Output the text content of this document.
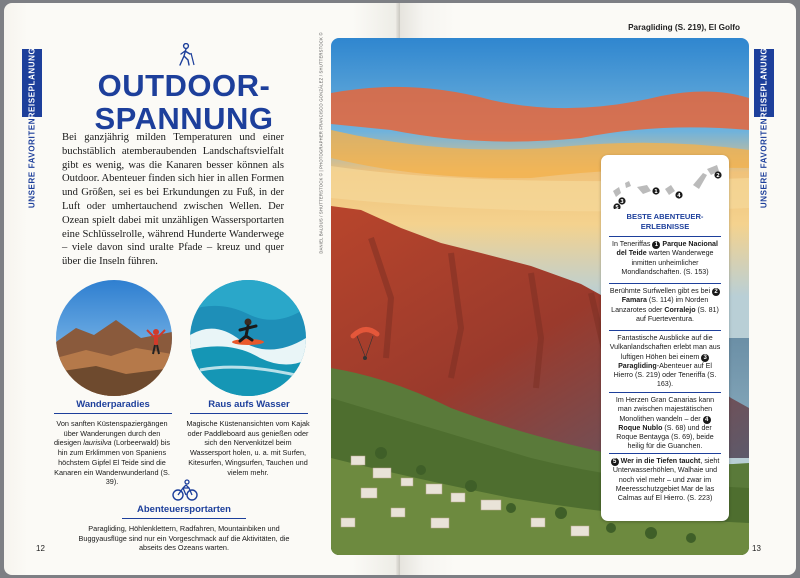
REISEPLANUNG
UNSERE FAVORITEN
OUTDOOR-
SPANNUNG

Bei ganzjährig milden Temperaturen und einer buchstäblich atemberaubenden Landschaftsvielfalt gibt es wenig, was die Kanaren besser können als Outdoor. Abenteuer finden sich hier in allen Formen und Größen, sei es bei Erkundungen zu Fuß, in der Luft oder umhertauchend zwischen Wellen. Der Ozean spielt dabei mit unzähligen Wassersportarten eine Schlüsselrolle, während Hunderte Wanderwege – viele davon sind uralte Pfade – kreuz und quer über die Inseln führen.

Wanderparadies
Von sanften Küstenspaziergängen über Wanderungen durch den diesigen laurisilva (Lorbeerwald) bis hin zum Erklimmen von Spaniens höchstem Gipfel El Teide sind die Kanaren ein Wanderwunderland (S. 39).
Raus aufs Wasser
Magische Küstenansichten vom Kajak oder Paddleboard aus genießen oder sich den Nervenkitzel beim Wassersport holen, u. a. mit Surfen, Kitesurfen, Wingsurfen, Tauchen und vielem mehr.
Abenteuersportarten
Paragliding, Höhlenklettern, Radfahren, Mountainbiken und Buggyausflüge sind nur ein Vorgeschmack auf die Aktivitäten, die abseits des Ozeans warten.
12
REISEPLANUNG
UNSERE FAVORITEN
13
Paragliding (S. 219), El Golfo
DANIEL BALDUS / SHUTTERSTOCK © | PHOTOGRAPHER FRANCISCO GONZÁLEZ / SHUTTERSTOCK ©	1
2
3
4
5
BESTE ABENTEUER-ERLEBNISSE
In Teneriffas 1 Parque Nacional del Teide warten Wanderwege inmitten unheimlicher Mondlandschaften. (S. 153)
Berühmte Surfwellen gibt es bei 2 Famara (S. 114) im Norden Lanzarotes oder Corralejo (S. 81) auf Fuerteventura.
Fantastische Ausblicke auf die Vulkanlandschaften erlebt man aus luftigen Höhen bei einem 3 Paragliding-Abenteuer auf El Hierro (S. 219) oder Teneriffa (S. 163).
Im Herzen Gran Canarias kann man zwischen majestätischen Monolithen wandeln – der 4 Roque Nublo (S. 68) und der Roque Bentayga (S. 69), beide heilig für die Guanchen.
5 Wer in die Tiefen taucht, sieht Unterwasserhöhlen, Walhaie und noch viel mehr – und zwar im Meeresschutzgebiet Mar de las Calmas auf El Hierro. (S. 223)
